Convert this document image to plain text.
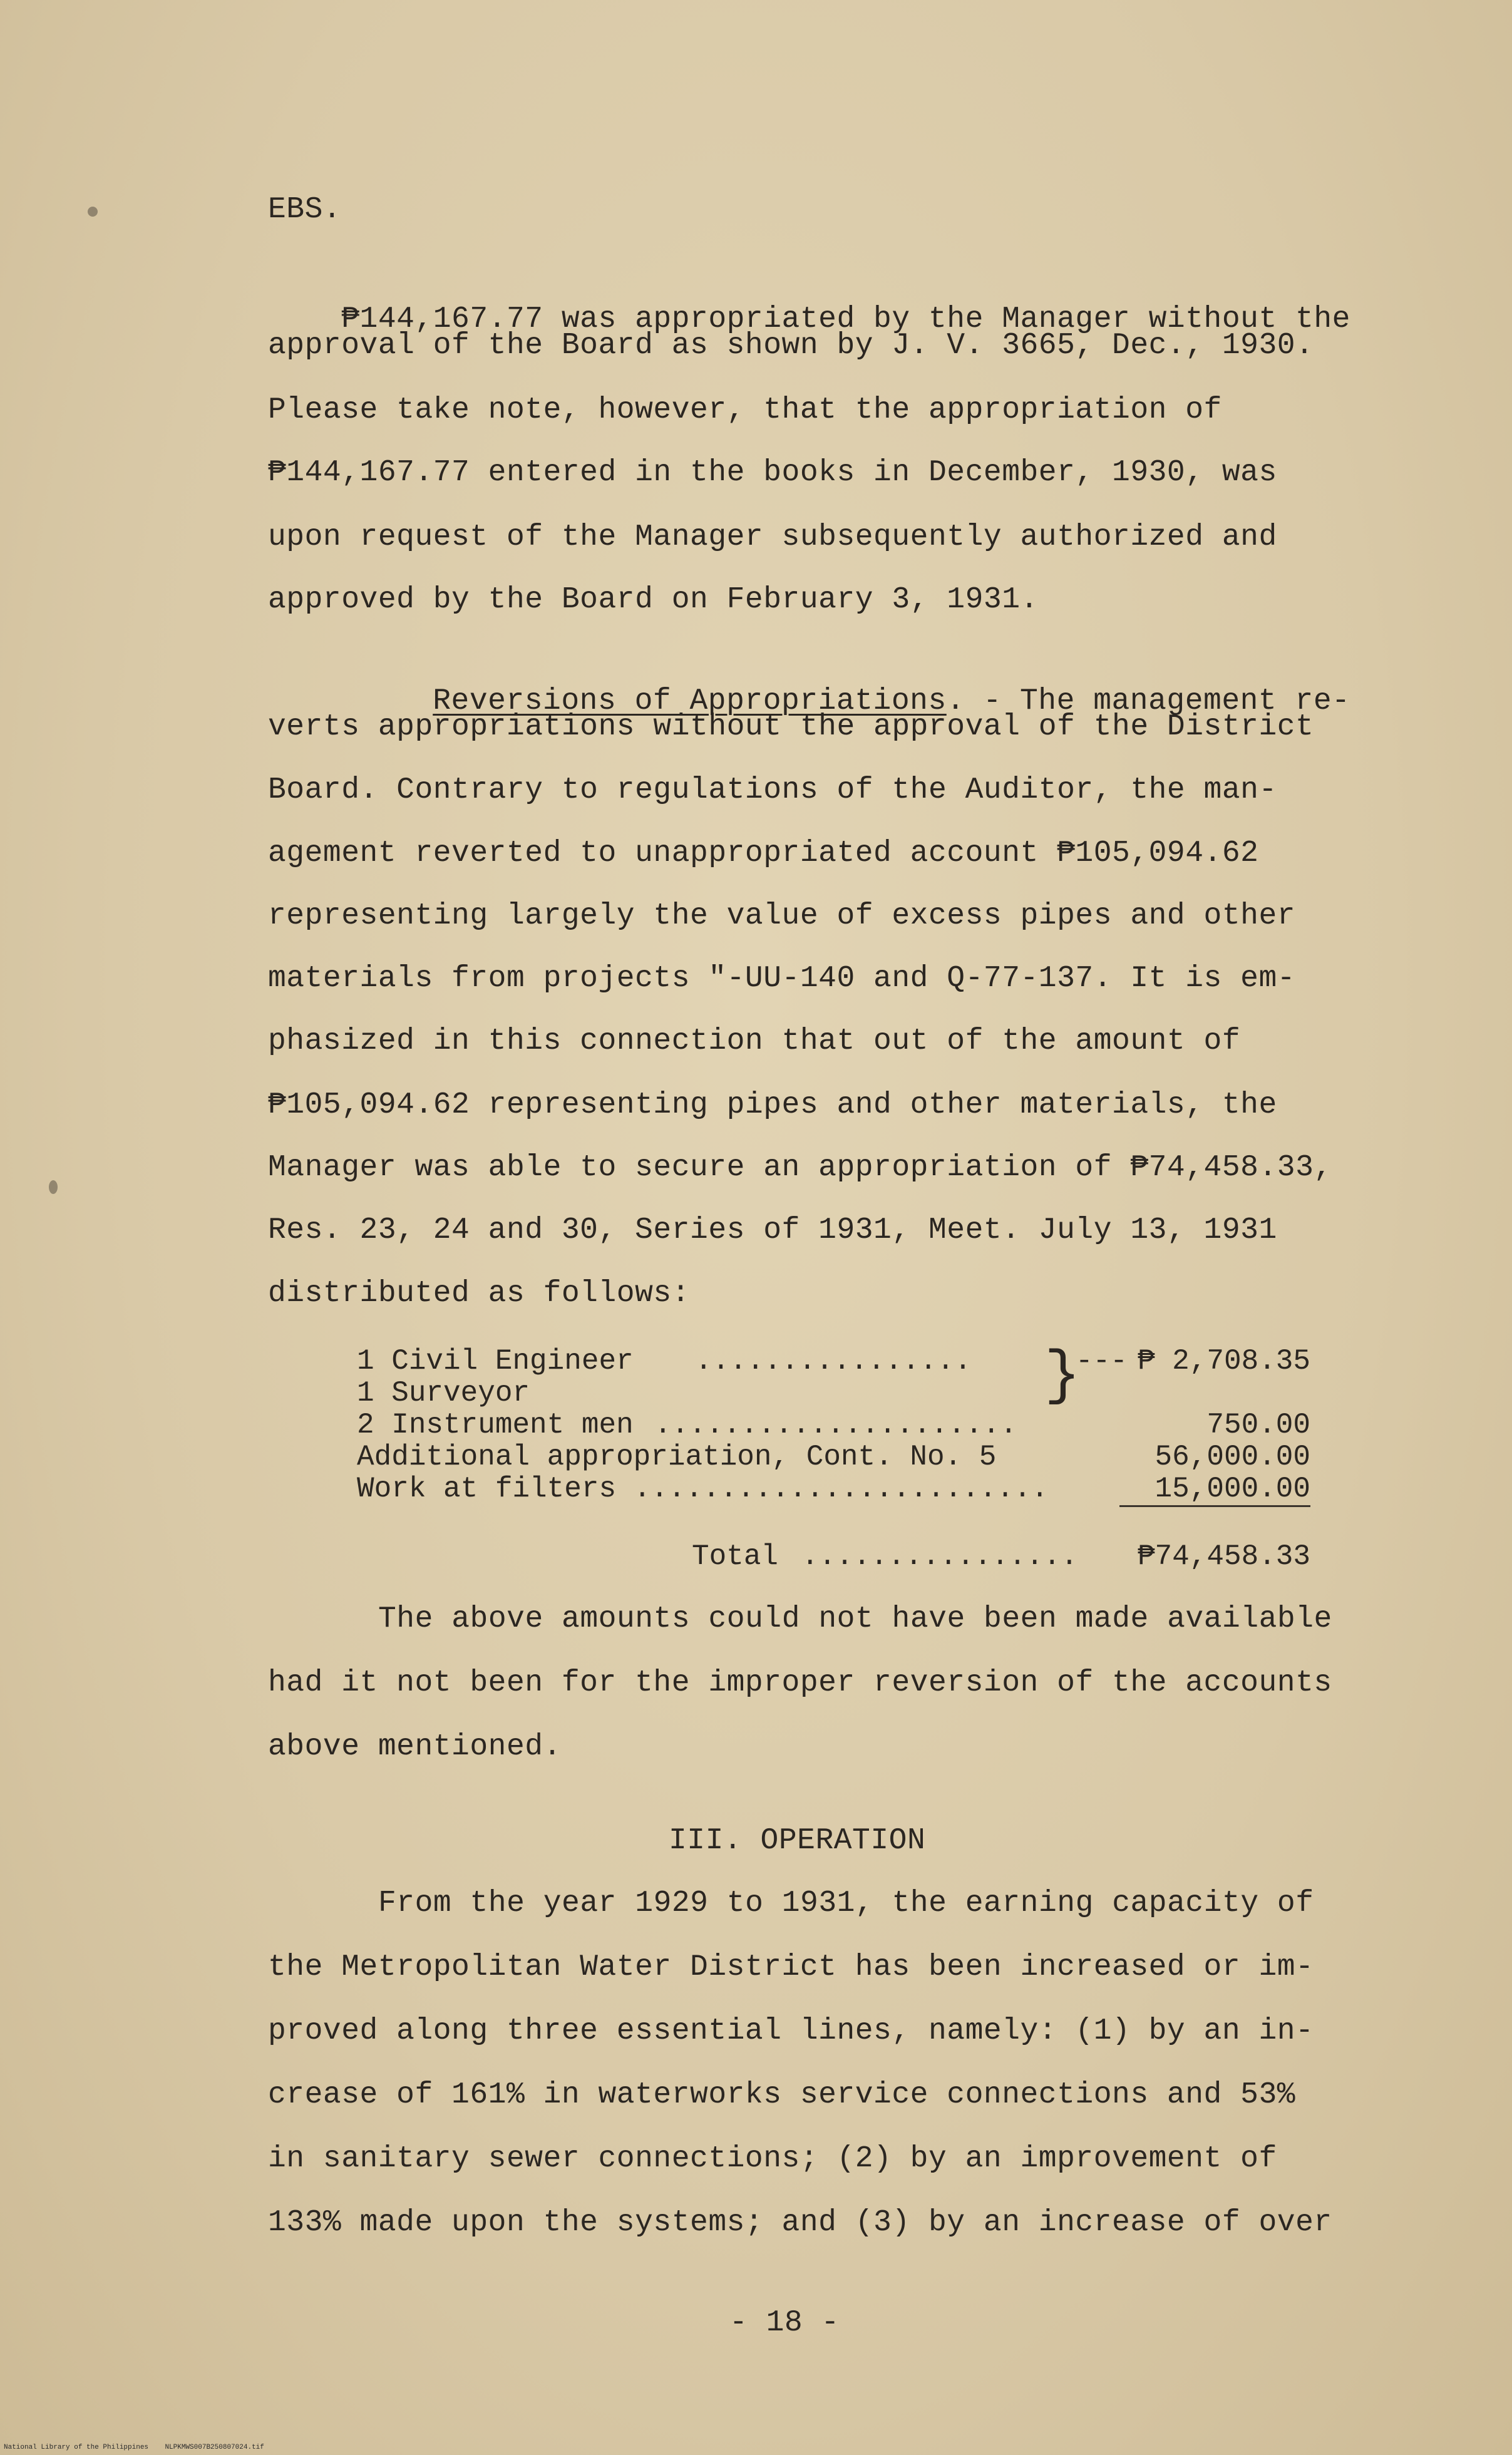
EBS.

₱144,167.77 was appropriated by the Manager without the

approval of the Board as shown by J. V. 3665, Dec., 1930.
Please take note, however, that the appropriation of
₱144,167.77 entered in the books in December, 1930, was
upon request of the Manager subsequently authorized and
approved by the Board on February 3, 1931.

Reversions of Appropriations. - The management re-

verts appropriations without the approval of the District
Board. Contrary to regulations of the Auditor, the man-
agement reverted to unappropriated account ₱105,094.62
representing largely the value of excess pipes and other
materials from projects "-UU-140 and Q-77-137. It is em-
phasized in this connection that out of the amount of
₱105,094.62 representing pipes and other materials, the
Manager was able to secure an appropriation of ₱74,458.33,
Res. 23, 24 and 30, Series of 1931, Meet. July 13, 1931
distributed as follows:
1 Civil Engineer
1 Surveyor
2 Instrument men
Additional appropriation, Cont. No. 5
Work at filters
................
.....................
........................
}
--- ₱ 2,708.35
750.00
56,000.00
15,000.00
Total ................ ₱74,458.33
The above amounts could not have been made available
had it not been for the improper reversion of the accounts
above mentioned.
III. OPERATION
From the year 1929 to 1931, the earning capacity of
the Metropolitan Water District has been increased or im-
proved along three essential lines, namely: (1) by an in-
crease of 161% in waterworks service connections and 53%
in sanitary sewer connections; (2) by an improvement of
133% made upon the systems; and (3) by an increase of over
- 18 -
National Library of the Philippines    NLPKMWS007B250807024.tif
